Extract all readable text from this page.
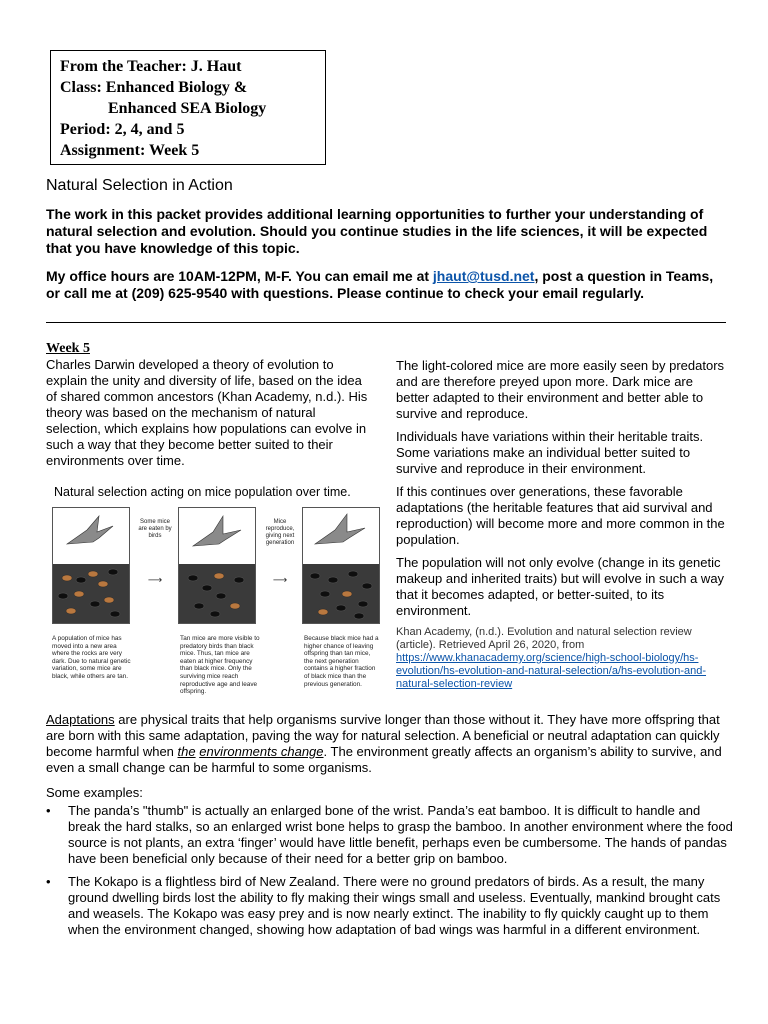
From the Teacher: J. Haut
Class: Enhanced Biology &
Enhanced SEA Biology
Period: 2, 4, and 5
Assignment: Week 5
Natural Selection in Action
The work in this packet provides additional learning opportunities to further your understanding of natural selection and evolution. Should you continue studies in the life sciences, it will be expected that you have knowledge of this topic.
My office hours are 10AM-12PM, M-F. You can email me at jhaut@tusd.net, post a question in Teams, or call me at (209) 625-9540 with questions. Please continue to check your email regularly.
Week 5
Charles Darwin developed a theory of evolution to explain the unity and diversity of life, based on the idea of shared common ancestors (Khan Academy, n.d.). His theory was based on the mechanism of natural selection, which explains how populations can evolve in such a way that they become better suited to their environments over time.
Natural selection acting on mice population over time.
Some mice are eaten by birds
⟶
Mice reproduce, giving next generation
⟶
A population of mice has moved into a new area where the rocks are very dark. Due to natural genetic variation, some mice are black, while others are tan.
Tan mice are more visible to predatory birds than black mice. Thus, tan mice are eaten at higher frequency than black mice. Only the surviving mice reach reproductive age and leave offspring.
Because black mice had a higher chance of leaving offspring than tan mice, the next generation contains a higher fraction of black mice than the previous generation.

The light-colored mice are more easily seen by predators and are therefore preyed upon more. Dark mice are better adapted to their environment and better able to survive and reproduce.

Individuals have variations within their heritable traits. Some variations make an individual better suited to survive and reproduce in their environment.

If this continues over generations, these favorable adaptations (the heritable features that aid survival and reproduction) will become more and more common in the population.

The population will not only evolve (change in its genetic makeup and inherited traits) but will evolve in such a way that it becomes adapted, or better-suited, to its environment.

Khan Academy, (n.d.). Evolution and natural selection review (article). Retrieved April 26, 2020, from https://www.khanacademy.org/science/high-school-biology/hs-evolution/hs-evolution-and-natural-selection/a/hs-evolution-and-natural-selection-review

Adaptations are physical traits that help organisms survive longer than those without it. They have more offspring that are born with this same adaptation, paving the way for natural selection. A beneficial or neutral adaptation can quickly become harmful when the environments change. The environment greatly affects an organism’s ability to survive, and even a small change can be harmful to some organisms.
Some examples:
• The panda’s "thumb" is actually an enlarged bone of the wrist. Panda’s eat bamboo. It is difficult to handle and break the hard stalks, so an enlarged wrist bone helps to grasp the bamboo. In another environment where the food source is not plants, an extra ‘finger’ would have little benefit, perhaps even be cumbersome. The hands of pandas have been beneficial only because of their need for a better grip on bamboo.
• The Kokapo is a flightless bird of New Zealand. There were no ground predators of birds. As a result, the many ground dwelling birds lost the ability to fly making their wings small and useless. Eventually, mankind brought cats and weasels. The Kokapo was easy prey and is now nearly extinct. The inability to fly quickly caught up to them when the environment changed, showing how adaptation of bad wings was harmful in a different environment.
